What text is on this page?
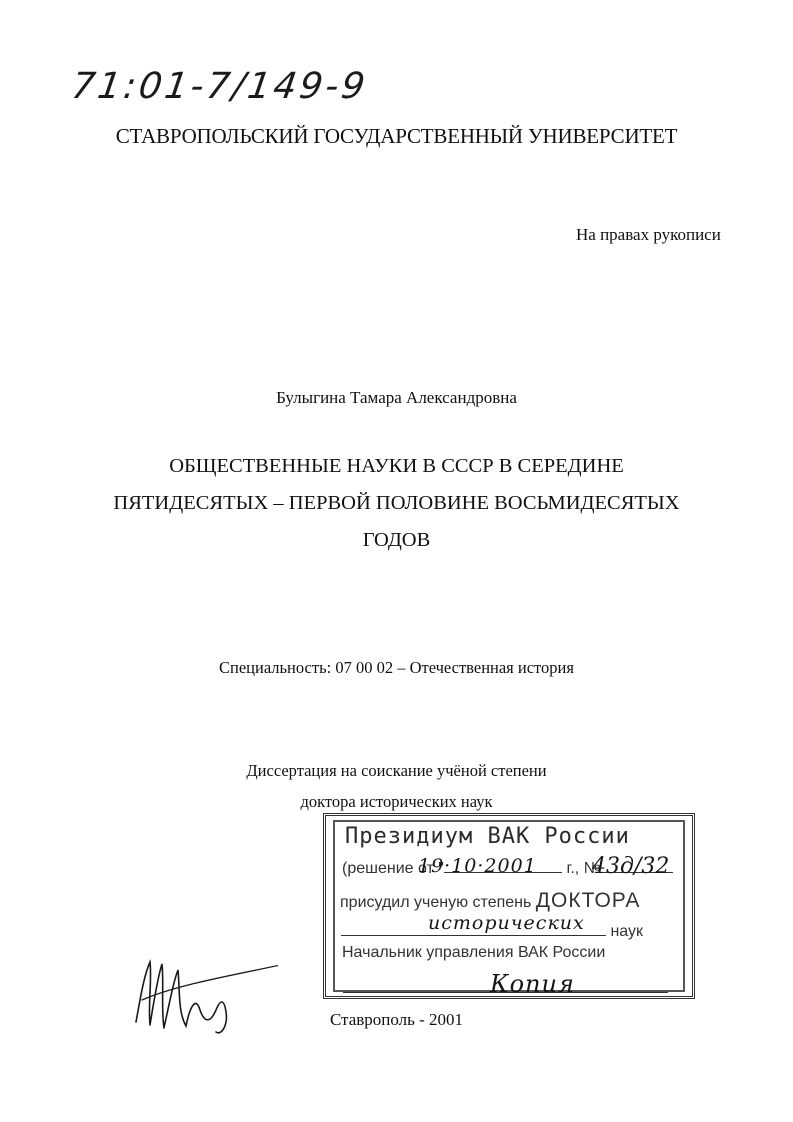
71:01-7/149-9
СТАВРОПОЛЬСКИЙ ГОСУДАРСТВЕННЫЙ УНИВЕРСИТЕТ
На правах рукописи
Булыгина Тамара Александровна
ОБЩЕСТВЕННЫЕ НАУКИ В СССР В СЕРЕДИНЕ
ПЯТИДЕСЯТЫХ – ПЕРВОЙ ПОЛОВИНЕ ВОСЬМИДЕСЯТЫХ
ГОДОВ
Специальность: 07 00 02 – Отечественная история
Диссертация на соискание учёной степени
доктора исторических наук
Президиум ВАК России
(решение от "	г., №
19·10·2001	43д/32
присудил ученую степень ДОКТОРА
наук
исторических
Начальник управления ВАК России
Копия
Ставрополь - 2001
